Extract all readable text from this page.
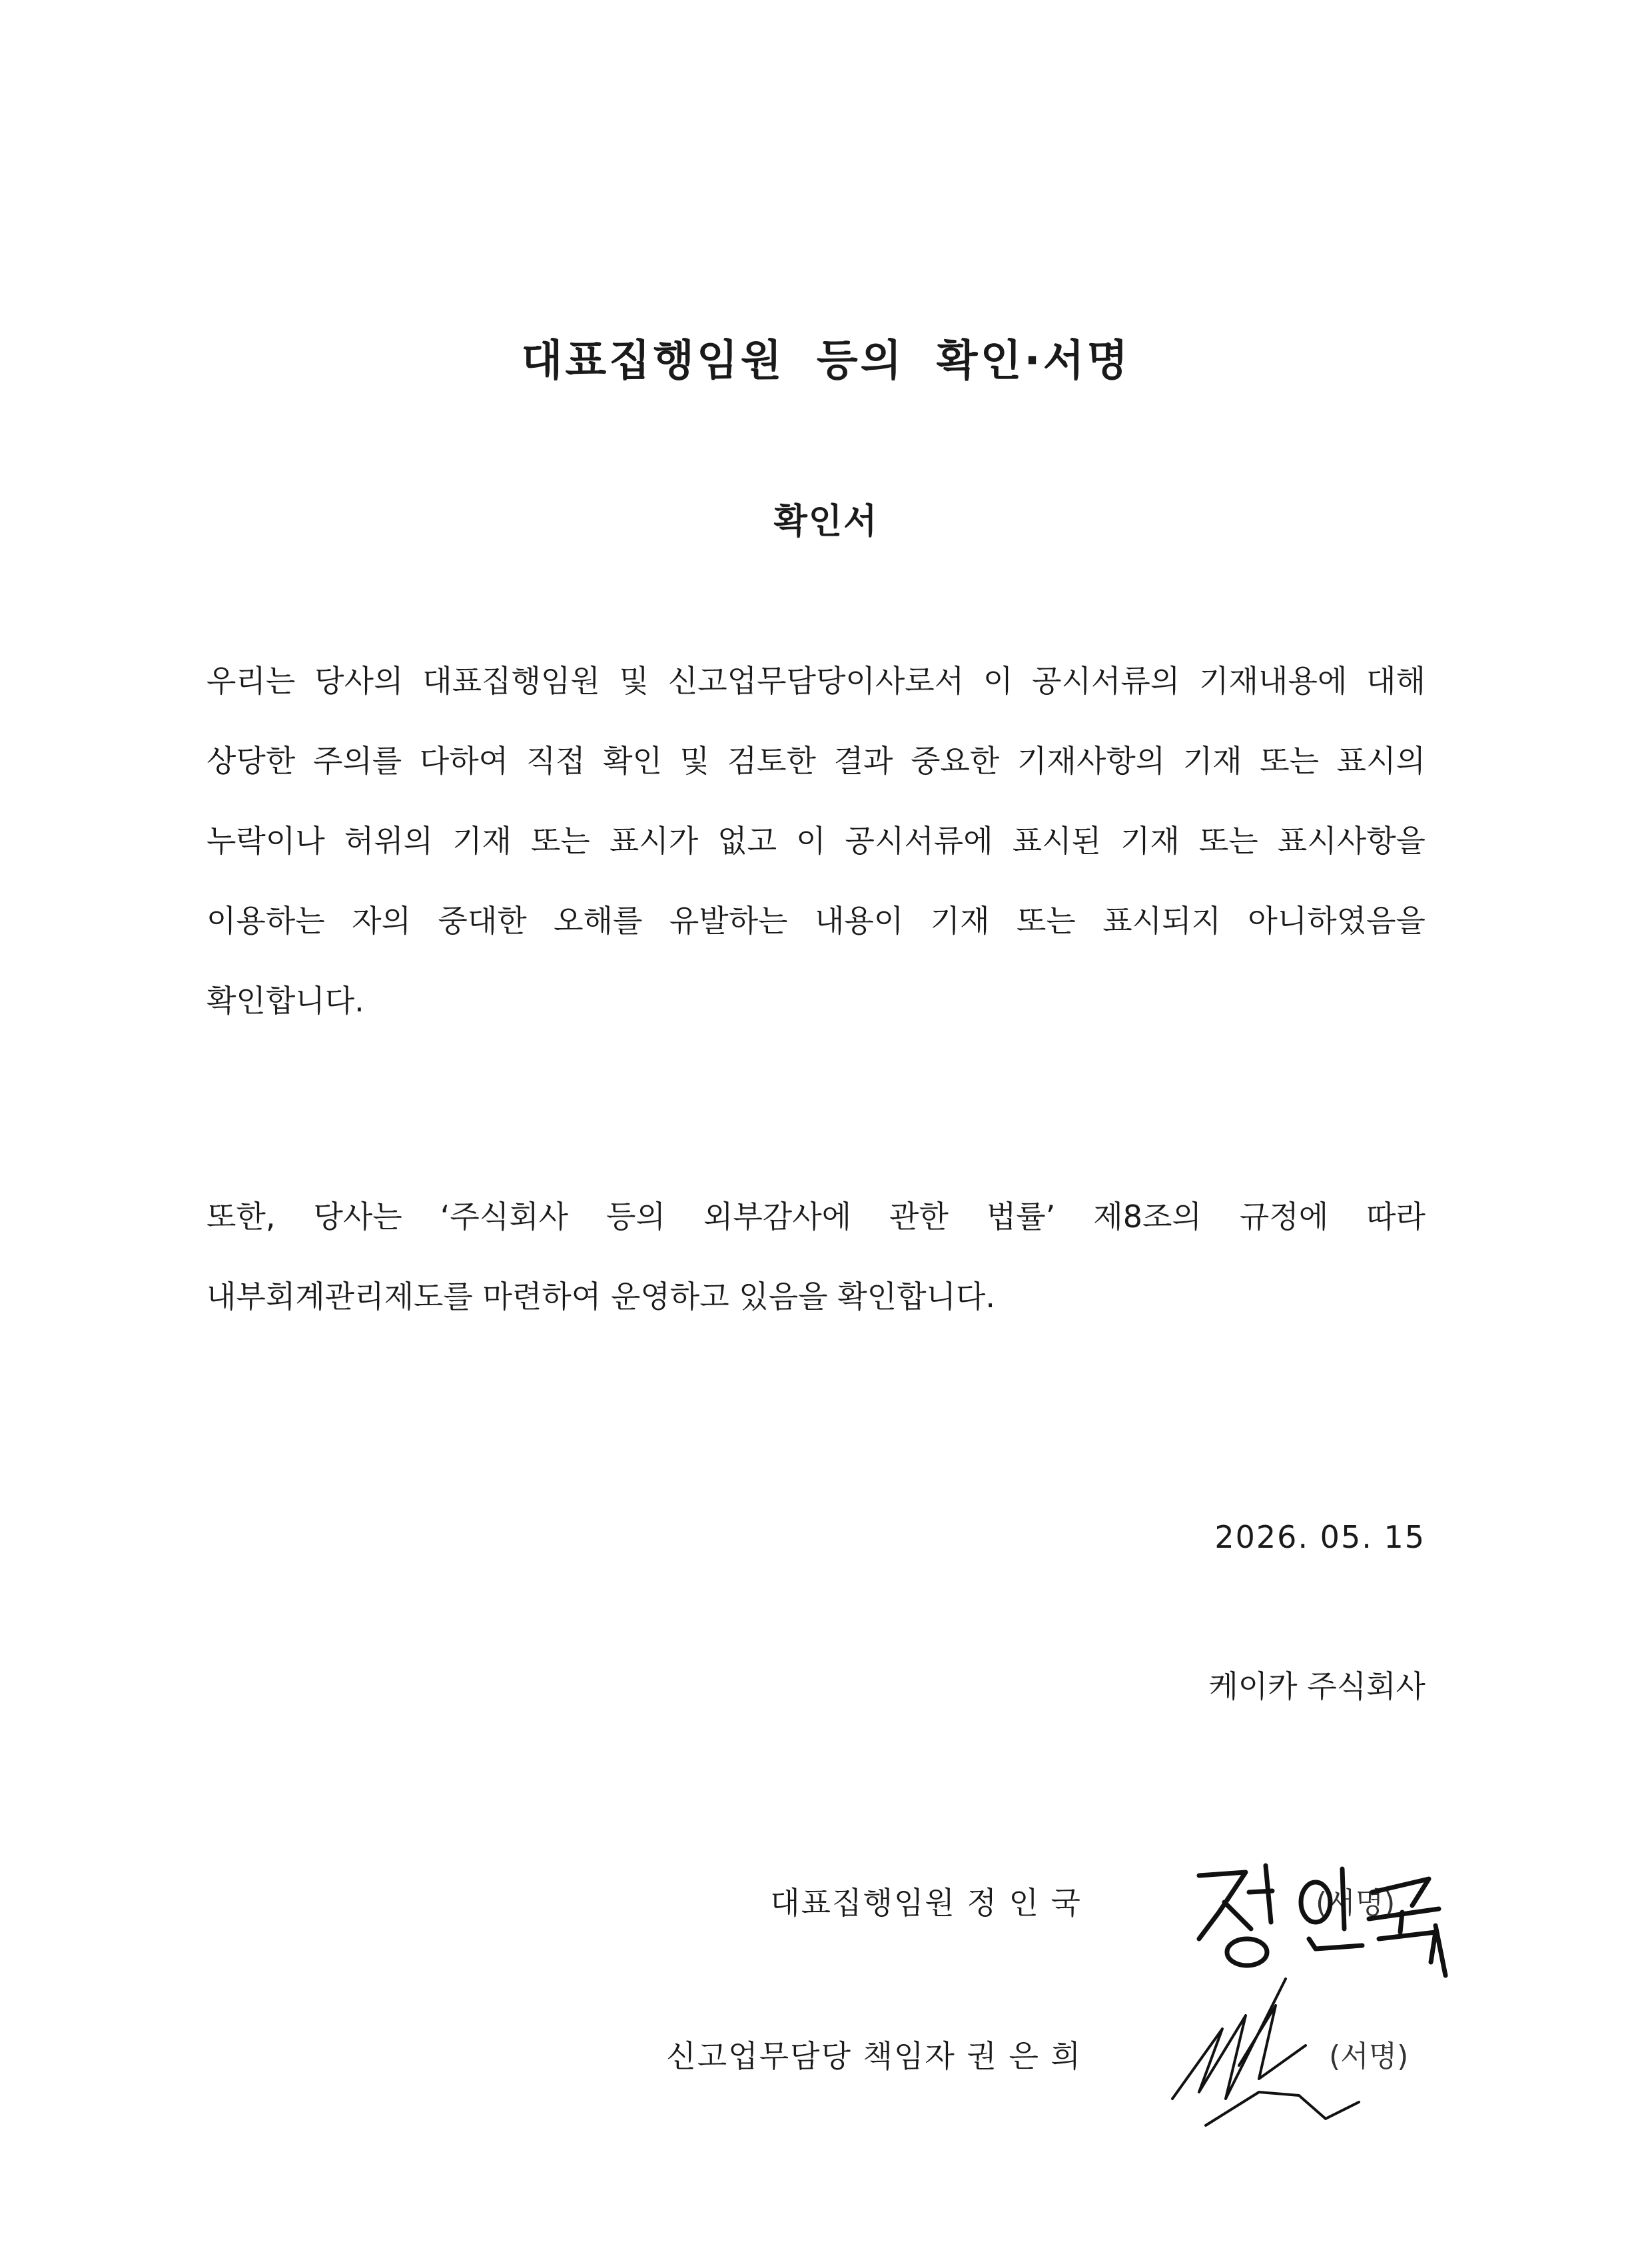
대표집행임원 등의 확인·서명
확인서

우리는 당사의 대표집행임원 및 신고업무담당이사로서 이 공시서류의 기재내용에 대해 상당한 주의를 다하여 직접 확인 및 검토한 결과 중요한 기재사항의 기재 또는 표시의 누락이나 허위의 기재 또는 표시가 없고 이 공시서류에 표시된 기재 또는 표시사항을 이용하는 자의 중대한 오해를 유발하는 내용이 기재 또는 표시되지 아니하였음을 확인합니다.

또한, 당사는 ‘주식회사 등의 외부감사에 관한 법률’ 제8조의 규정에 따라 내부회계관리제도를 마련하여 운영하고 있음을 확인합니다.

2026. 05. 15

케이카 주식회사

대표집행임원 정 인 국	(서명)

신고업무담당 책임자 권 은 희	(서명)
